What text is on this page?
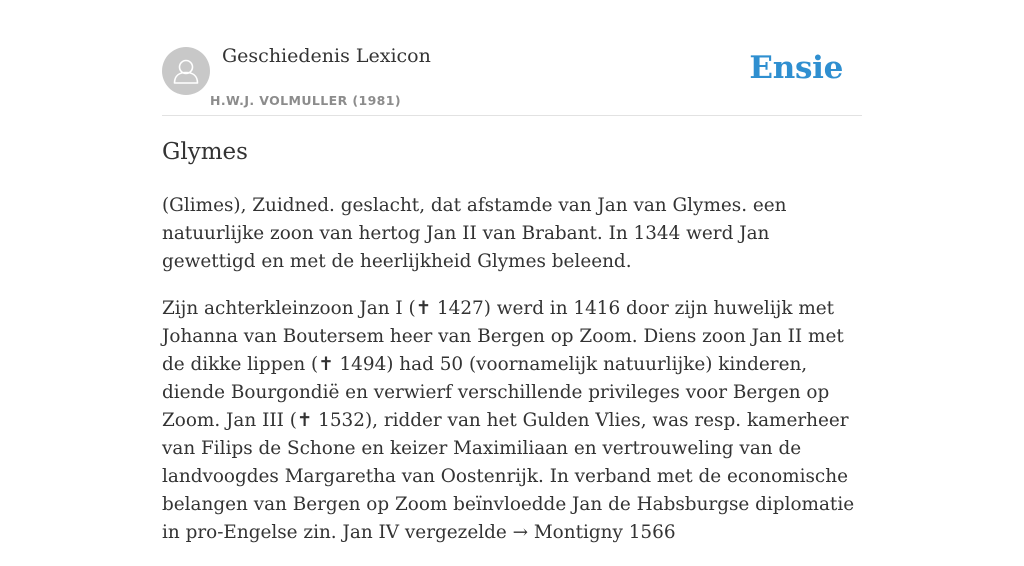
Geschiedenis Lexicon
H.W.J. VOLMULLER (1981)
Ensie
Glymes

(Glimes), Zuidned. geslacht, dat afstamde van Jan van Glymes. een natuurlijke zoon van hertog Jan II van Brabant. In 1344 werd Jan gewettigd en met de heerlijkheid Glymes beleend.

Zijn achterkleinzoon Jan I (✝ 1427) werd in 1416 door zijn huwelijk met Johanna van Boutersem heer van Bergen op Zoom. Diens zoon Jan II met de dikke lippen (✝ 1494) had 50 (voornamelijk natuurlijke) kinderen, diende Bourgondië en verwierf verschillende privileges voor Bergen op Zoom. Jan III (✝ 1532), ridder van het Gulden Vlies, was resp. kamerheer van Filips de Schone en keizer Maximiliaan en vertrouweling van de landvoogdes Margaretha van Oostenrijk. In verband met de economische belangen van Bergen op Zoom beïnvloedde Jan de Habsburgse diplomatie in pro-Engelse zin. Jan IV vergezelde → Montigny 1566
